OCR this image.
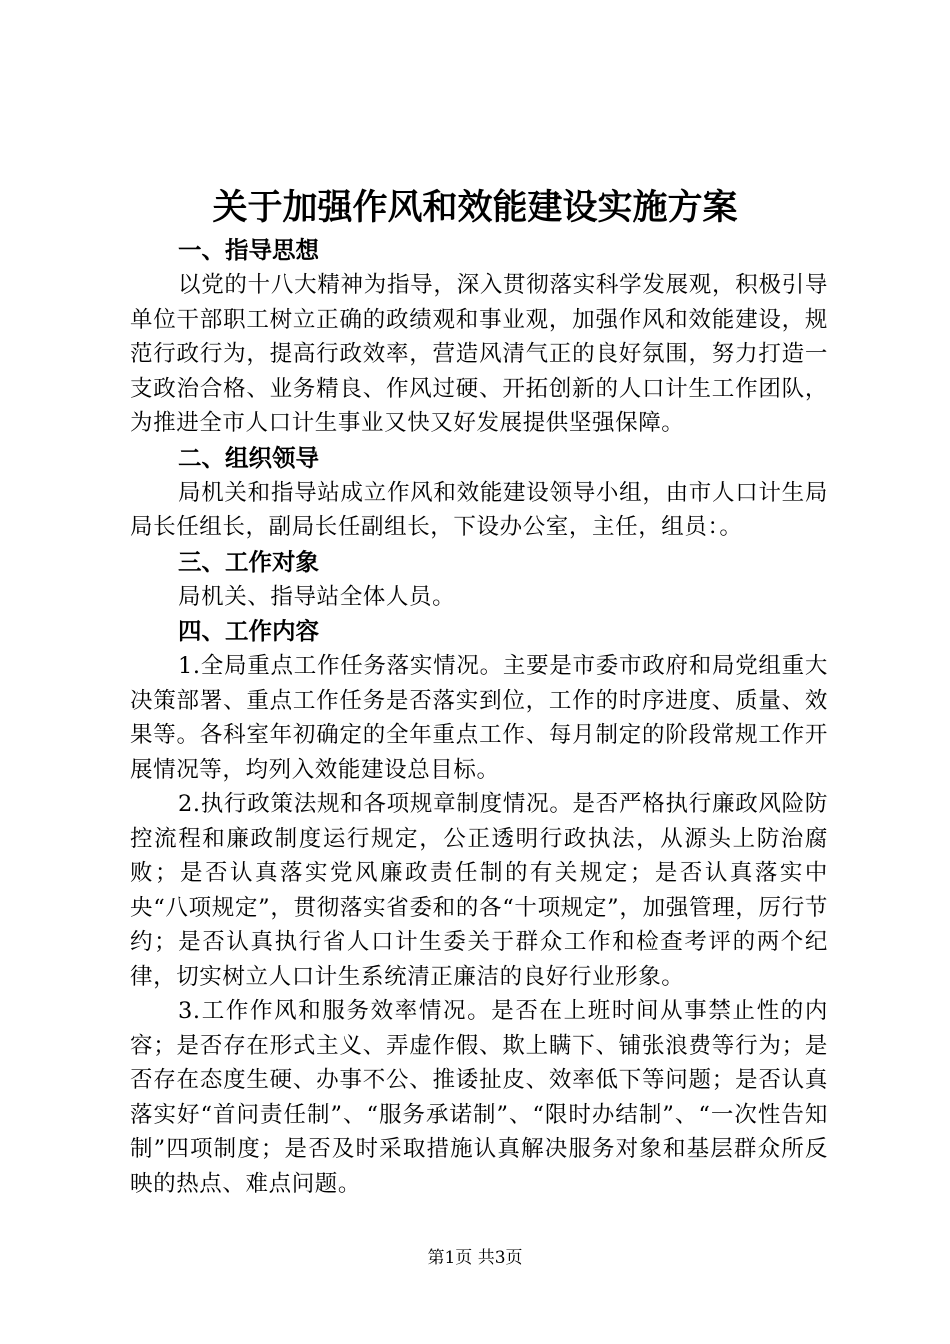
关于加强作风和效能建设实施方案

一、指导思想

以党的十八大精神为指导，深入贯彻落实科学发展观，积极引导单位干部职工树立正确的政绩观和事业观，加强作风和效能建设，规范行政行为，提高行政效率，营造风清气正的良好氛围，努力打造一支政治合格、业务精良、作风过硬、开拓创新的人口计生工作团队，为推进全市人口计生事业又快又好发展提供坚强保障。

二、组织领导

局机关和指导站成立作风和效能建设领导小组，由市人口计生局局长任组长，副局长任副组长，下设办公室，主任，组员：。

三、工作对象

局机关、指导站全体人员。

四、工作内容

1.全局重点工作任务落实情况。主要是市委市政府和局党组重大决策部署、重点工作任务是否落实到位，工作的时序进度、质量、效果等。各科室年初确定的全年重点工作、每月制定的阶段常规工作开展情况等，均列入效能建设总目标。

2.执行政策法规和各项规章制度情况。是否严格执行廉政风险防控流程和廉政制度运行规定，公正透明行政执法，从源头上防治腐败；是否认真落实党风廉政责任制的有关规定；是否认真落实中央“八项规定”，贯彻落实省委和的各“十项规定”，加强管理，厉行节约；是否认真执行省人口计生委关于群众工作和检查考评的两个纪律，切实树立人口计生系统清正廉洁的良好行业形象。

3.工作作风和服务效率情况。是否在上班时间从事禁止性的内容；是否存在形式主义、弄虚作假、欺上瞒下、铺张浪费等行为；是否存在态度生硬、办事不公、推诿扯皮、效率低下等问题；是否认真落实好“首问责任制”、“服务承诺制”、“限时办结制”、“一次性告知制”四项制度；是否及时采取措施认真解决服务对象和基层群众所反映的热点、难点问题。

第1页 共3页
